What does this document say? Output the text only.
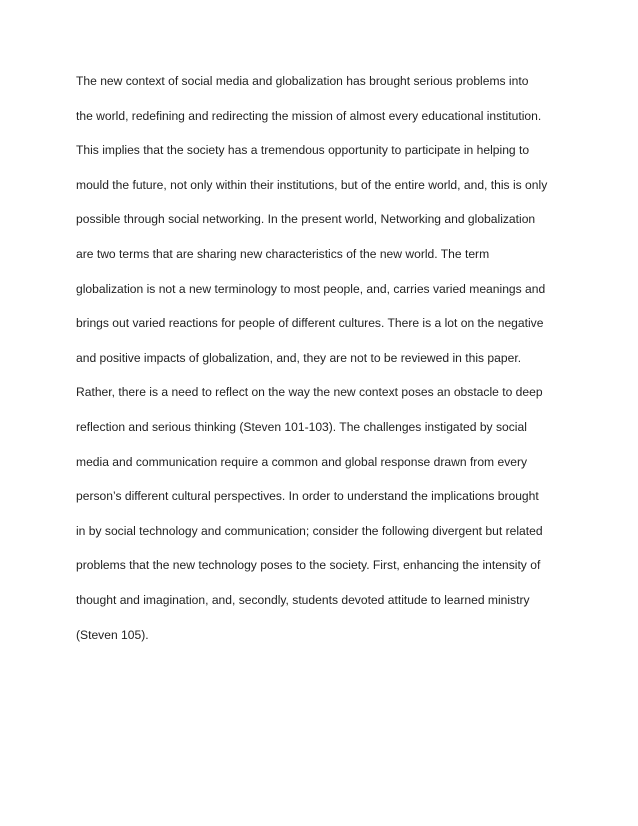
The new context of social media and globalization has brought serious problems into
the world, redefining and redirecting the mission of almost every educational institution.
This implies that the society has a tremendous opportunity to participate in helping to
mould the future, not only within their institutions, but of the entire world, and, this is only
possible through social networking. In the present world, Networking and globalization
are two terms that are sharing new characteristics of the new world. The term
globalization is not a new terminology to most people, and, carries varied meanings and
brings out varied reactions for people of different cultures. There is a lot on the negative
and positive impacts of globalization, and, they are not to be reviewed in this paper.
Rather, there is a need to reflect on the way the new context poses an obstacle to deep
reflection and serious thinking (Steven 101-103). The challenges instigated by social
media and communication require a common and global response drawn from every
person’s different cultural perspectives. In order to understand the implications brought
in by social technology and communication; consider the following divergent but related
problems that the new technology poses to the society. First, enhancing the intensity of
thought and imagination, and, secondly, students devoted attitude to learned ministry
(Steven 105).
